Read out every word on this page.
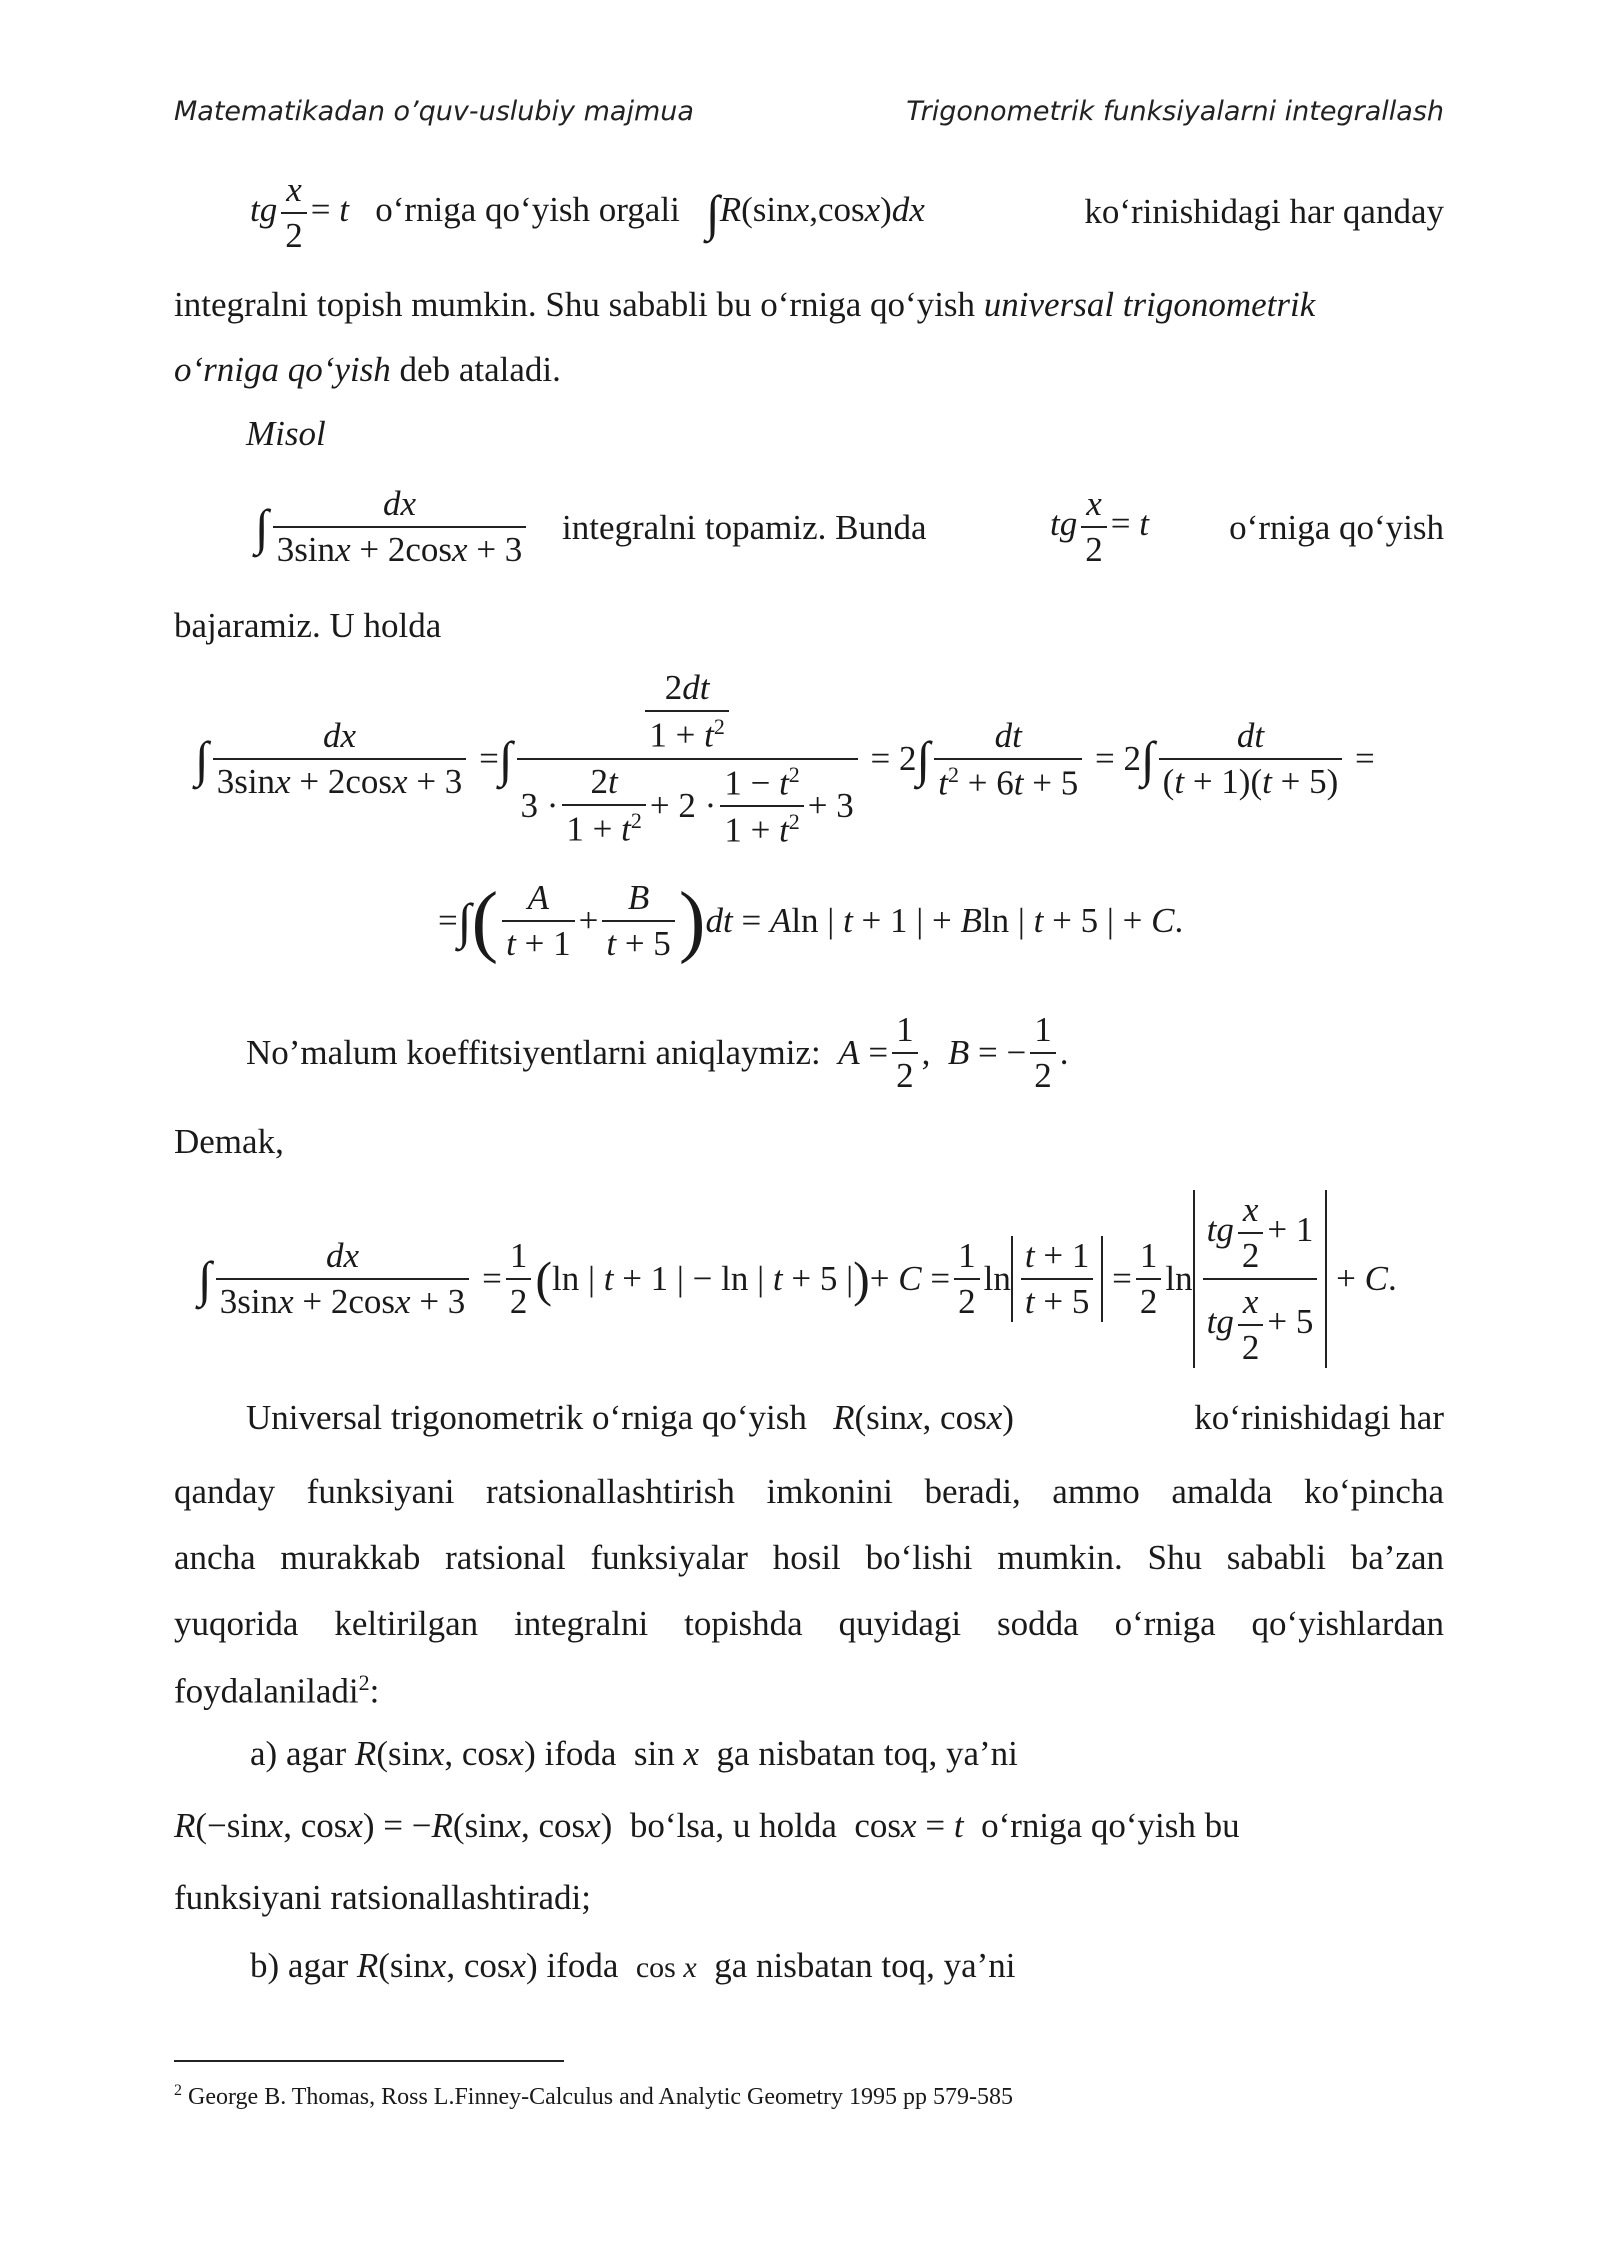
Matematikadan o’quv-uslubiy majmua	Trigonometrik funksiyalarni integrallash
tg $\frac{x}{2} = t$ o‘rniga qo‘yish orgali ∫R(sinx,cosx)dx	ko‘rinishidagi har qanday
integralni topish mumkin. Shu sababli bu o‘rniga qo‘yish universal trigonometrik
o‘rniga qo‘yish deb ataladi.
Misol
∫ $\frac{dx}{3\sin x + 2\cos x + 3}$ integralni topamiz. Bunda	tg $\frac{x}{2} = t$ o‘rniga qo‘yish
bajaramiz. U holda
∫ $\frac{dx}{3\sin x + 2\cos x + 3}$ = ∫ $\frac{\frac{2dt}{1 + t^2}}{3 \cdot \frac{2t}{1 + t^2} + 2 \cdot \frac{1 - t^2}{1 + t^2} + 3} = 2$ ∫ $\frac{dt}{t^2 + 6t + 5} = 2$ ∫ $\frac{dt}{(t + 1)(t + 5)}$ =
= ∫ ( $\frac{A}{t + 1} + \frac{B}{t + 5}$ ) dt = Aln | t + 1 | + Bln | t + 5 | + C.
No’malum koeffitsiyentlarni aniqlaymiz: $A = \frac{1}{2}$ ,  B = − $\frac{1}{2}$ .
Demak,
∫ $\frac{dx}{3\sin x + 2\cos x + 3} = \frac{1}{2}$ ( ln | t + 1 | − ln | t + 5 | ) + $C = \frac{1}{2}$ $\ln \frac{t + 1}{t + 5} = \frac{1}{2}$ $\ln \frac{tg \frac{x}{2} + 1}{tg \frac{x}{2} + 5} + C$.
Universal trigonometrik o‘rniga qo‘yish R(sinx, cosx)	ko‘rinishidagi har
qanday funksiyani ratsionallashtirish imkonini beradi, ammo amalda ko‘pincha
ancha murakkab ratsional funksiyalar hosil bo‘lishi mumkin. Shu sababli ba’zan
yuqorida keltirilgan integralni topishda quyidagi sodda o‘rniga qo‘yishlardan
foydalaniladi$^2$:
a) agar R(sinx, cosx) ifoda sin x ga nisbatan toq, ya’ni
R(−sinx, cosx) = −R(sinx, cosx) bo‘lsa, u holda cosx = t o‘rniga qo‘yish bu
funksiyani ratsionallashtiradi;
b) agar R(sinx, cosx) ifoda cos x ga nisbatan toq, ya’ni
$^2$ George B. Thomas, Ross L.Finney-Calculus and Analytic Geometry 1995 pp 579-585
